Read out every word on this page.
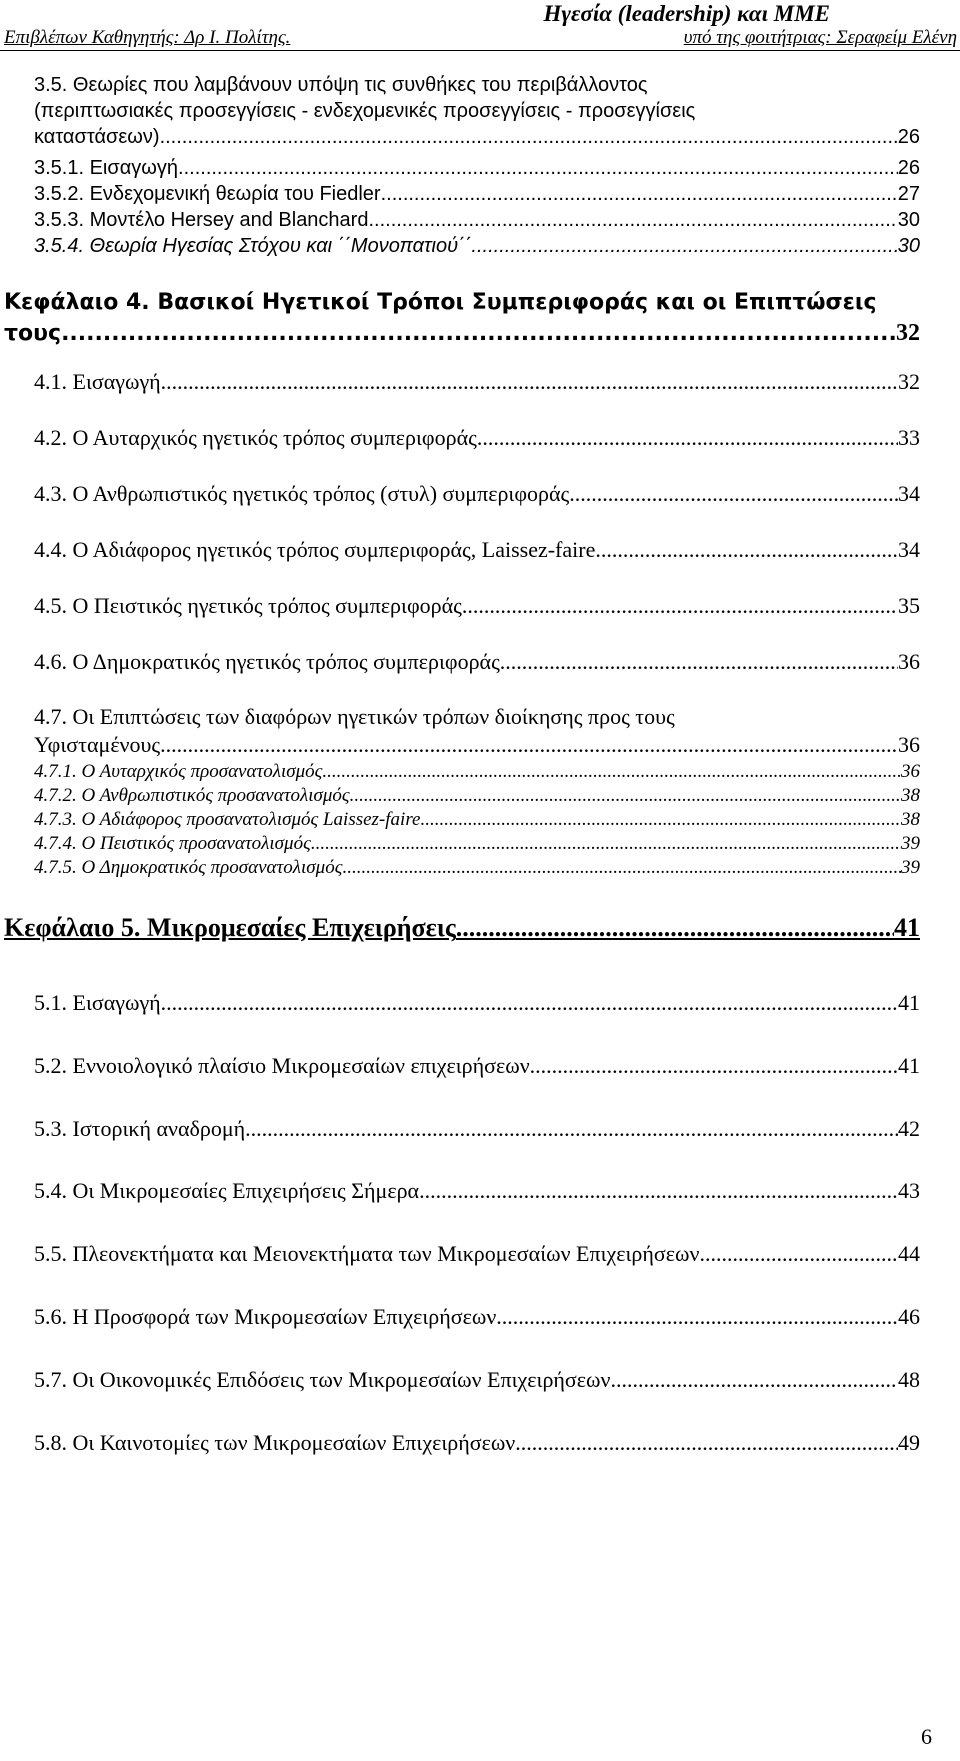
Ηγεσία (leadership) και ΜΜΕ
Επιβλέπων Καθηγητής: Δρ Ι. Πολίτης.	υπό της φοιτήτριας: Σεραφείμ Ελένη
3.5. Θεωρίες που λαμβάνουν υπόψη τις συνθήκες του περιβάλλοντος
(περιπτωσιακές προσεγγίσεις - ενδεχομενικές προσεγγίσεις - προσεγγίσεις
καταστάσεων) .....	26
3.5.1. Εισαγωγή .....	26
3.5.2. Ενδεχομενική θεωρία του Fiedler .....	27
3.5.3. Μοντέλο Hersey and Blanchard .....	30
3.5.4. Θεωρία Ηγεσίας Στόχου και ΄΄Μονοπατιού΄΄ .....	30
Κεφάλαιο 4. Βασικοί Ηγετικοί Τρόποι Συμπεριφοράς και οι Επιπτώσεις
τους .....	32
4.1. Εισαγωγή .....	32
4.2. Ο Αυταρχικός ηγετικός τρόπος συμπεριφοράς .....	33
4.3. Ο Ανθρωπιστικός ηγετικός τρόπος (στυλ) συμπεριφοράς .....	34
4.4. Ο Αδιάφορος ηγετικός τρόπος συμπεριφοράς, Laissez-faire .....	34
4.5. Ο Πειστικός ηγετικός τρόπος συμπεριφοράς .....	35
4.6. Ο Δημοκρατικός ηγετικός τρόπος συμπεριφοράς .....	36
4.7. Οι Επιπτώσεις των διαφόρων ηγετικών τρόπων διοίκησης προς τους
Υφισταμένους .....	36
4.7.1. Ο Αυταρχικός προσανατολισμός .....	36
4.7.2. Ο Ανθρωπιστικός προσανατολισμός .....	38
4.7.3. Ο Αδιάφορος προσανατολισμός Laissez-faire .....	38
4.7.4. Ο Πειστικός προσανατολισμός .....	39
4.7.5. Ο Δημοκρατικός προσανατολισμός .....	39
Κεφάλαιο 5. Μικρομεσαίες Επιχειρήσεις .....	41
5.1. Εισαγωγή .....	41
5.2. Εννοιολογικό πλαίσιο Μικρομεσαίων επιχειρήσεων .....	41
5.3. Ιστορική αναδρομή .....	42
5.4. Οι Μικρομεσαίες Επιχειρήσεις Σήμερα .....	43
5.5. Πλεονεκτήματα και Μειονεκτήματα των Μικρομεσαίων Επιχειρήσεων .....	44
5.6. Η Προσφορά των Μικρομεσαίων Επιχειρήσεων .....	46
5.7. Οι Οικονομικές Επιδόσεις των Μικρομεσαίων Επιχειρήσεων .....	48
5.8. Οι Καινοτομίες των Μικρομεσαίων Επιχειρήσεων .....	49
6
